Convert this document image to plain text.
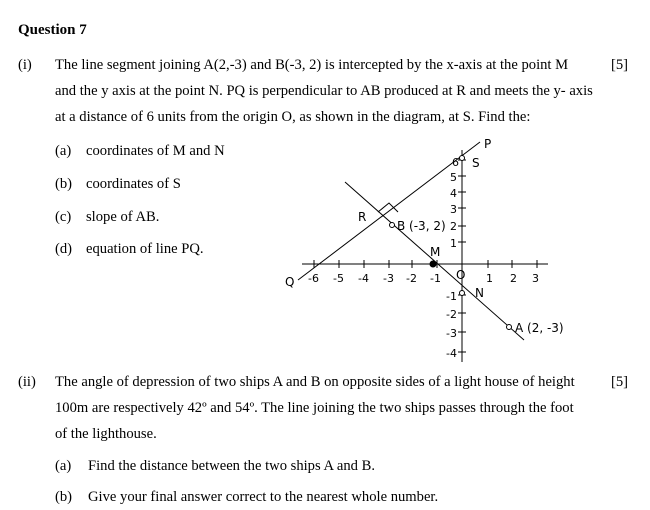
Question 7
(i)	[5]
The line segment joining A(2,-3) and B(-3, 2) is intercepted by the x-axis at the point M
and the y axis at the point N. PQ is perpendicular to AB produced at R and meets the y- axis
at a distance of 6 units from the origin O, as shown in the diagram, at S. Find the:
(a) coordinates of M and N
(b) coordinates of S
(c) slope of AB.
(d) equation of line PQ.
-6 -5 -4 -3 -2 -1	1 2 3
1
2
3
4
5
6
-1
-2
-3
-4
P
Q
R
S
M
N
O
A (2, -3)
B (-3, 2)
(ii)	[5]
The angle of depression of two ships A and B on opposite sides of a light house of height
100m are respectively 42º and 54º. The line joining the two ships passes through the foot
of the lighthouse.
(a) Find the distance between the two ships A and B.
(b) Give your final answer correct to the nearest whole number.
